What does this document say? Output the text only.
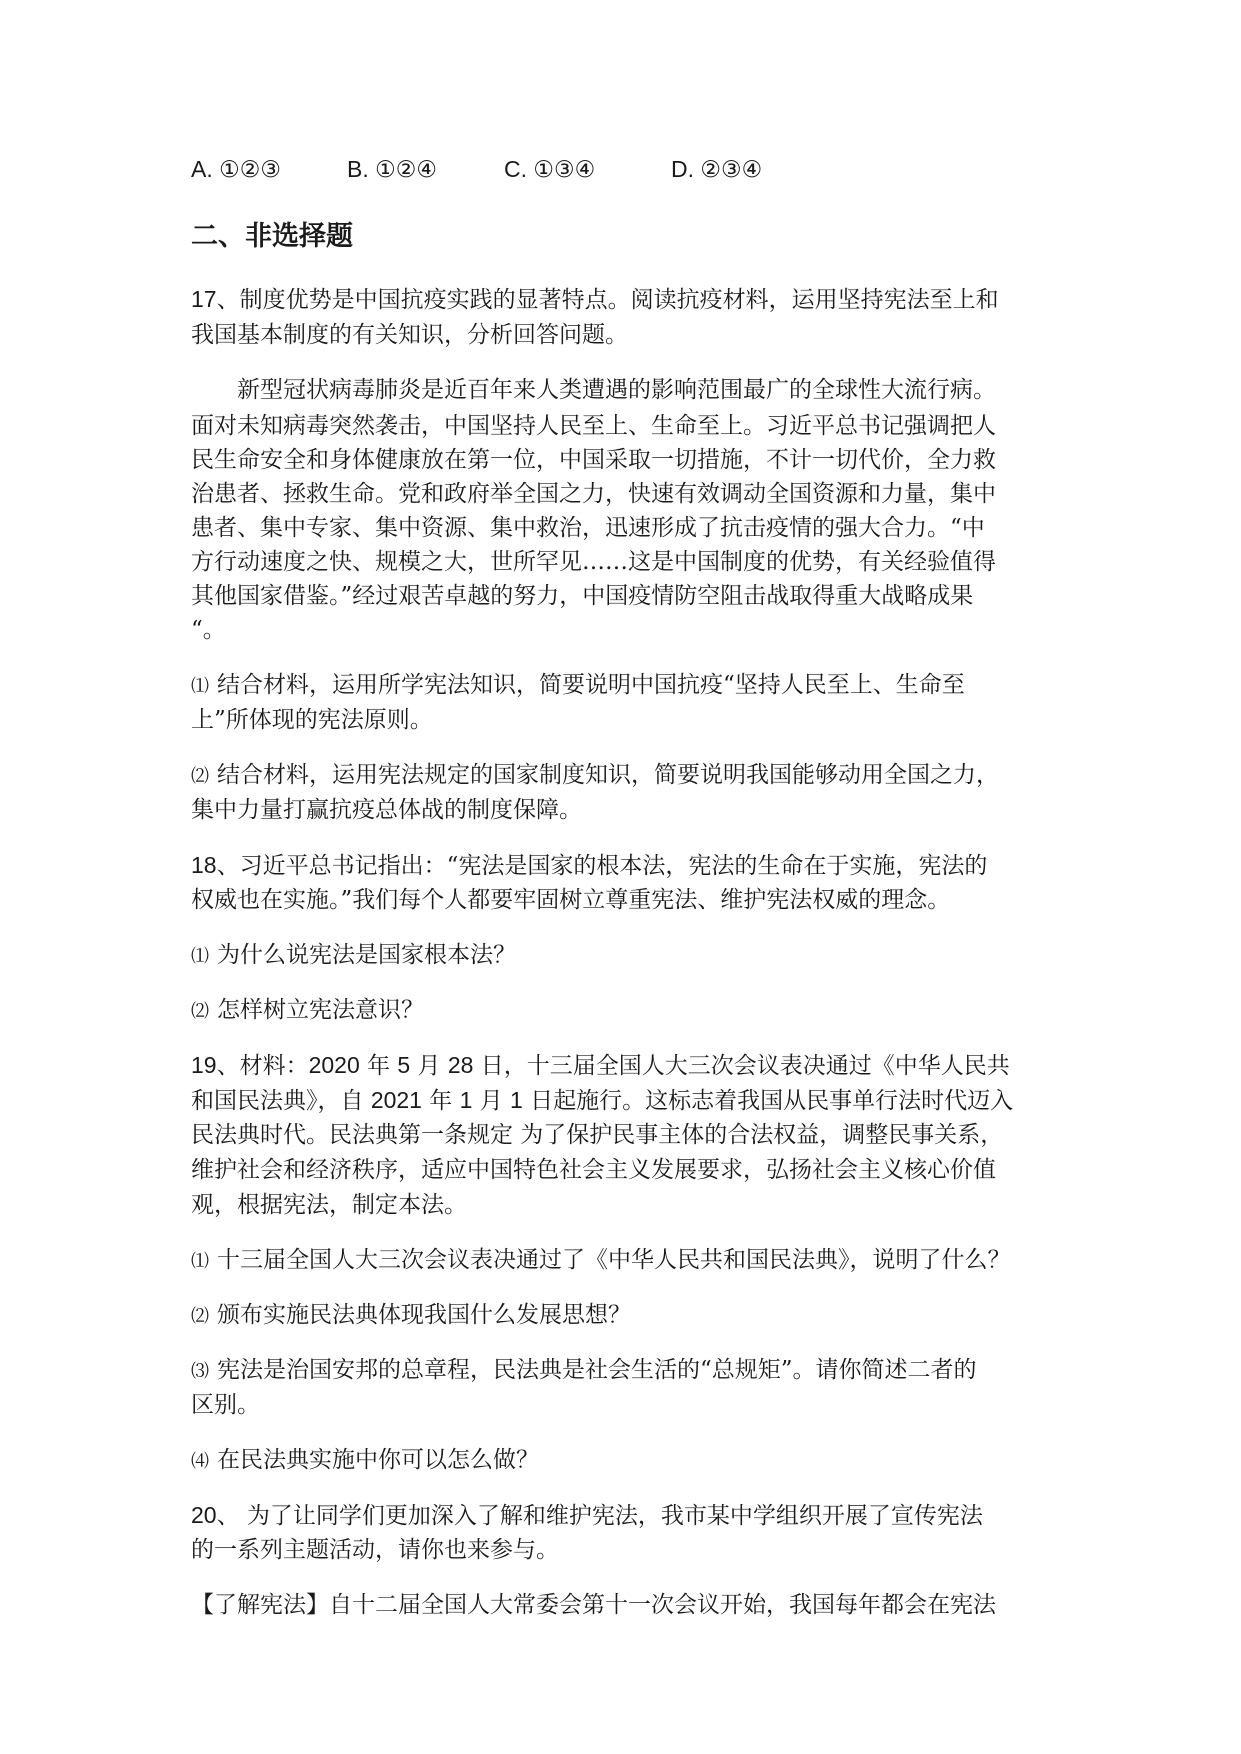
A. ①②③	B. ①②④	C. ①③④	D. ②③④
二、非选择题
17、制度优势是中国抗疫实践的显著特点。阅读抗疫材料，运用坚持宪法至上和
我国基本制度的有关知识，分析回答问题。
新型冠状病毒肺炎是近百年来人类遭遇的影响范围最广的全球性大流行病。
面对未知病毒突然袭击，中国坚持人民至上、生命至上。习近平总书记强调把人
民生命安全和身体健康放在第一位，中国采取一切措施，不计一切代价，全力救
治患者、拯救生命。党和政府举全国之力，快速有效调动全国资源和力量，集中
患者、集中专家、集中资源、集中救治，迅速形成了抗击疫情的强大合力。“中
方行动速度之快、规模之大，世所罕见……这是中国制度的优势，有关经验值得
其他国家借鉴。”经过艰苦卓越的努力，中国疫情防空阻击战取得重大战略成果
“。
⑴ 结合材料，运用所学宪法知识，简要说明中国抗疫“坚持人民至上、生命至
上”所体现的宪法原则。
⑵ 结合材料，运用宪法规定的国家制度知识，简要说明我国能够动用全国之力，
集中力量打赢抗疫总体战的制度保障。
18、习近平总书记指出：“宪法是国家的根本法，宪法的生命在于实施，宪法的
权威也在实施。”我们每个人都要牢固树立尊重宪法、维护宪法权威的理念。
⑴ 为什么说宪法是国家根本法？
⑵ 怎样树立宪法意识？
19、材料：2020 年 5 月 28 日，十三届全国人大三次会议表决通过《中华人民共
和国民法典》，自 2021 年 1 月 1 日起施行。这标志着我国从民事单行法时代迈入
民法典时代。民法典第一条规定 为了保护民事主体的合法权益，调整民事关系，
维护社会和经济秩序，适应中国特色社会主义发展要求，弘扬社会主义核心价值
观，根据宪法，制定本法。
⑴ 十三届全国人大三次会议表决通过了《中华人民共和国民法典》，说明了什么？
⑵ 颁布实施民法典体现我国什么发展思想？
⑶ 宪法是治国安邦的总章程，民法典是社会生活的“总规矩”。请你简述二者的
区别。
⑷ 在民法典实施中你可以怎么做？
20、 为了让同学们更加深入了解和维护宪法，我市某中学组织开展了宣传宪法
的一系列主题活动，请你也来参与。
【了解宪法】自十二届全国人大常委会第十一次会议开始，我国每年都会在宪法
